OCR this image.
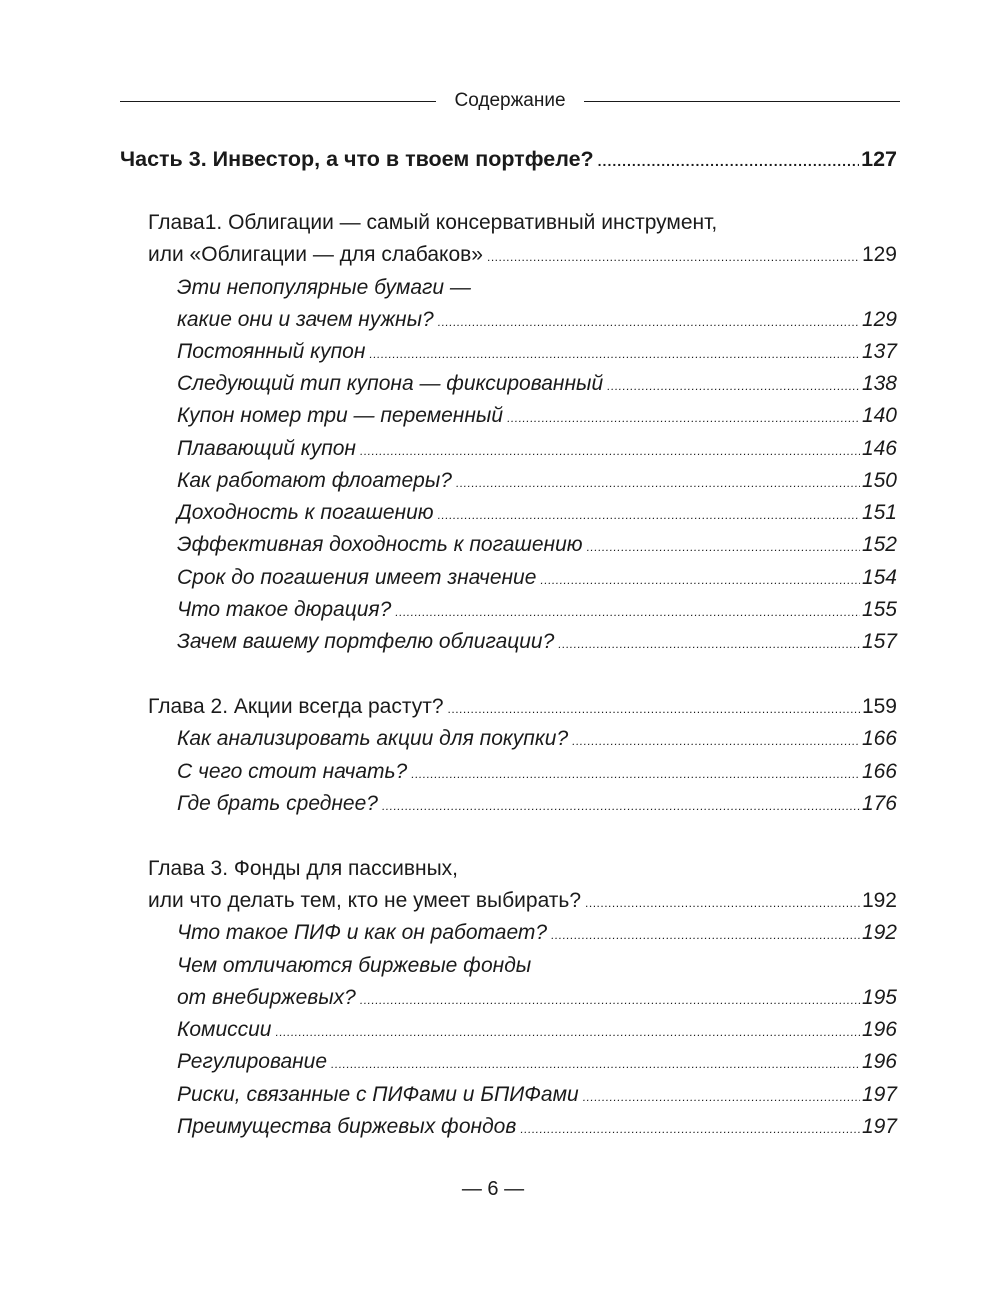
Содержание
Часть 3. Инвестор, а что в твоем портфеле? .....	127
Глава1. Облигации — самый консервативный инструмент,
или «Облигации — для слабаков» .....	129
Эти непопулярные бумаги —
какие они и зачем нужны? .....	129
Постоянный купон .....	137
Следующий тип купона — фиксированный .....	138
Купон номер три — переменный .....	140
Плавающий купон .....	146
Как работают флоатеры? .....	150
Доходность к погашению .....	151
Эффективная доходность к погашению .....	152
Срок до погашения имеет значение .....	154
Что такое дюрация? .....	155
Зачем вашему портфелю облигации? .....	157
Глава 2. Акции всегда растут? .....	159
Как анализировать акции для покупки? .....	166
С чего стоит начать? .....	166
Где брать среднее? .....	176
Глава 3. Фонды для пассивных,
или что делать тем, кто не умеет выбирать? .....	192
Что такое ПИФ и как он работает? .....	192
Чем отличаются биржевые фонды
от внебиржевых? .....	195
Комиссии .....	196
Регулирование .....	196
Риски, связанные с ПИФами и БПИФами .....	197
Преимущества биржевых фондов .....	197
— 6 —
